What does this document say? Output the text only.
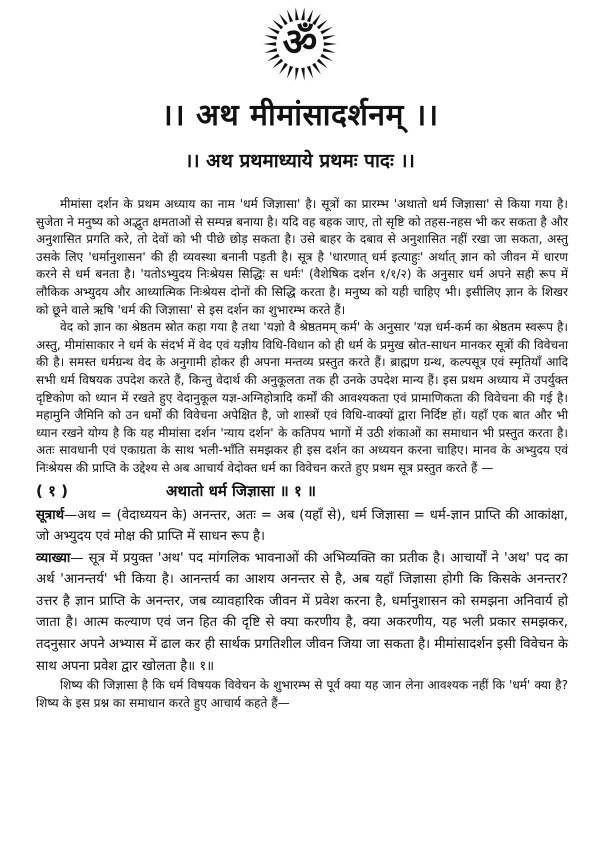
ॐ
।। अथ मीमांसादर्शनम् ।।
।। अथ प्रथमाध्याये प्रथमः पादः ।।

मीमांसा दर्शन के प्रथम अध्याय का नाम 'धर्म जिज्ञासा' है। सूत्रों का प्रारम्भ 'अथातो धर्म जिज्ञासा' से किया गया है। सुजेता ने मनुष्य को अद्भुत क्षमताओं से सम्पन्न बनाया है। यदि वह बहक जाए, तो सृष्टि को तहस-नहस भी कर सकता है और अनुशासित प्रगति करे, तो देवों को भी पीछे छोड़ सकता है। उसे बाहर के दबाव से अनुशासित नहीं रखा जा सकता, अस्तु उसके लिए 'धर्मानुशासन' की ही व्यवस्था बनानी पड़ती है। सूत्र है 'धारणात् धर्म इत्याहुः' अर्थात् ज्ञान को जीवन में धारण करने से धर्म बनता है। 'यतोऽभ्युदय निःश्रेयस सिद्धिः स धर्मः' (वैशेषिक दर्शन १/१/२) के अनुसार धर्म अपने सही रूप में लौकिक अभ्युदय और आध्यात्मिक निःश्रेयस दोनों की सिद्धि करता है। मनुष्य को यही चाहिए भी। इसीलिए ज्ञान के शिखर को छूने वाले ऋषि 'धर्म की जिज्ञासा' से इस दर्शन का शुभारम्भ करते हैं।

वेद को ज्ञान का श्रेष्ठतम स्रोत कहा गया है तथा 'यज्ञो वै श्रेष्ठतमम् कर्म' के अनुसार 'यज्ञ धर्म-कर्म का श्रेष्ठतम स्वरूप है। अस्तु, मीमांसाकार ने धर्म के संदर्भ में वेद एवं यज्ञीय विधि-विधान को ही धर्म के प्रमुख स्रोत-साधन मानकर सूत्रों की विवेचना की है। समस्त धर्मग्रन्थ वेद के अनुगामी होकर ही अपना मन्तव्य प्रस्तुत करते हैं। ब्राह्मण ग्रन्थ, कल्पसूत्र एवं स्मृतियाँ आदि सभी धर्म विषयक उपदेश करते हैं, किन्तु वेदार्थ की अनुकूलता तक ही उनके उपदेश मान्य हैं। इस प्रथम अध्याय में उपर्युक्त दृष्टिकोण को ध्यान में रखते हुए वेदानुकूल यज्ञ-अग्निहोत्रादि कर्मों की आवश्यकता एवं प्रामाणिकता की विवेचना की गई है। महामुनि जैमिनि को उन धर्मों की विवेचना अपेक्षित है, जो शास्त्रों एवं विधि-वाक्यों द्वारा निर्दिष्ट हों। यहाँ एक बात और भी ध्यान रखने योग्य है कि यह मीमांसा दर्शन 'न्याय दर्शन' के कतिपय भागों में उठी शंकाओं का समाधान भी प्रस्तुत करता है। अतः सावधानी एवं एकाग्रता के साथ भली-भाँति समझकर ही इस दर्शन का अध्ययन करना चाहिए। मानव के अभ्युदय एवं निःश्रेयस की प्राप्ति के उद्देश्य से अब आचार्य वेदोक्त धर्म का विवेचन करते हुए प्रथम सूत्र प्रस्तुत करते हैं —

( १ )	अथातो धर्म जिज्ञासा ॥ १ ॥

सूत्रार्थ—अथ = (वेदाध्ययन के) अनन्तर, अतः = अब (यहाँ से), धर्म जिज्ञासा = धर्म-ज्ञान प्राप्ति की आकांक्षा, जो अभ्युदय एवं मोक्ष की प्राप्ति में साधन रूप है।

व्याख्या— सूत्र में प्रयुक्त 'अथ' पद मांगलिक भावनाओं की अभिव्यक्ति का प्रतीक है। आचार्यों ने 'अथ' पद का अर्थ 'आनन्तर्य' भी किया है। आनन्तर्य का आशय अनन्तर से है, अब यहाँ जिज्ञासा होगी कि किसके अनन्तर? उत्तर है ज्ञान प्राप्ति के अनन्तर, जब व्यावहारिक जीवन में प्रवेश करना है, धर्मानुशासन को समझना अनिवार्य हो जाता है। आत्म कल्याण एवं जन हित की दृष्टि से क्या करणीय है, क्या अकरणीय, यह भली प्रकार समझकर, तदनुसार अपने अभ्यास में ढाल कर ही सार्थक प्रगतिशील जीवन जिया जा सकता है। मीमांसादर्शन इसी विवेचन के साथ अपना प्रवेश द्वार खोलता है॥ १॥

शिष्य की जिज्ञासा है कि धर्म विषयक विवेचन के शुभारम्भ से पूर्व क्या यह जान लेना आवश्यक नहीं कि 'धर्म' क्या है? शिष्य के इस प्रश्न का समाधान करते हुए आचार्य कहते हैं—
